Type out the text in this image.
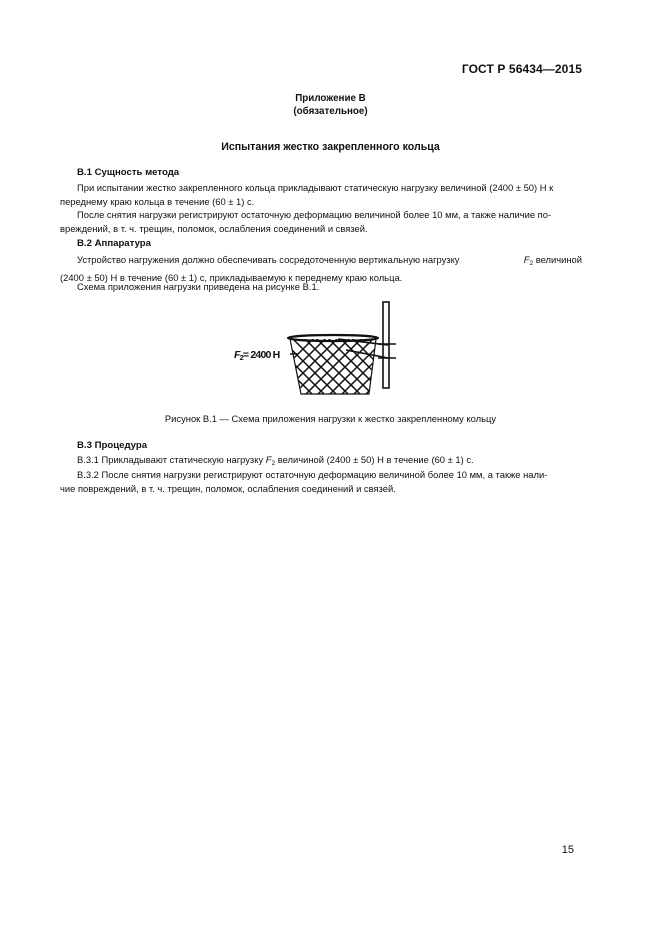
ГОСТ Р 56434—2015
Приложение В
(обязательное)
Испытания жестко закрепленного кольца
В.1 Сущность метода
При испытании жестко закрепленного кольца прикладывают статическую нагрузку величиной (2400 ± 50) Н к
переднему краю кольца в течение (60 ± 1) с.
После снятия нагрузки регистрируют остаточную деформацию величиной более 10 мм, а также наличие по-
вреждений, в т. ч. трещин, поломок, ослабления соединений и связей.
В.2 Аппаратура
Устройство нагружения должно обеспечивать сосредоточенную вертикальную нагрузку	$F_2$ величиной
(2400 ± 50) Н в течение (60 ± 1) с, прикладываемую к переднему краю кольца.
Схема приложения нагрузки приведена на рисунке В.1.
$F_2= 2400$ Н
Рисунок В.1 — Схема приложения нагрузки к жестко закрепленному кольцу
В.3 Процедура
В.3.1 Прикладывают статическую нагрузку $F_2$ величиной (2400 ± 50) Н в течение (60 ± 1) с.
В.3.2 После снятия нагрузки регистрируют остаточную деформацию величиной более 10 мм, а также нали-
чие повреждений, в т. ч. трещин, поломок, ослабления соединений и связей.
15
